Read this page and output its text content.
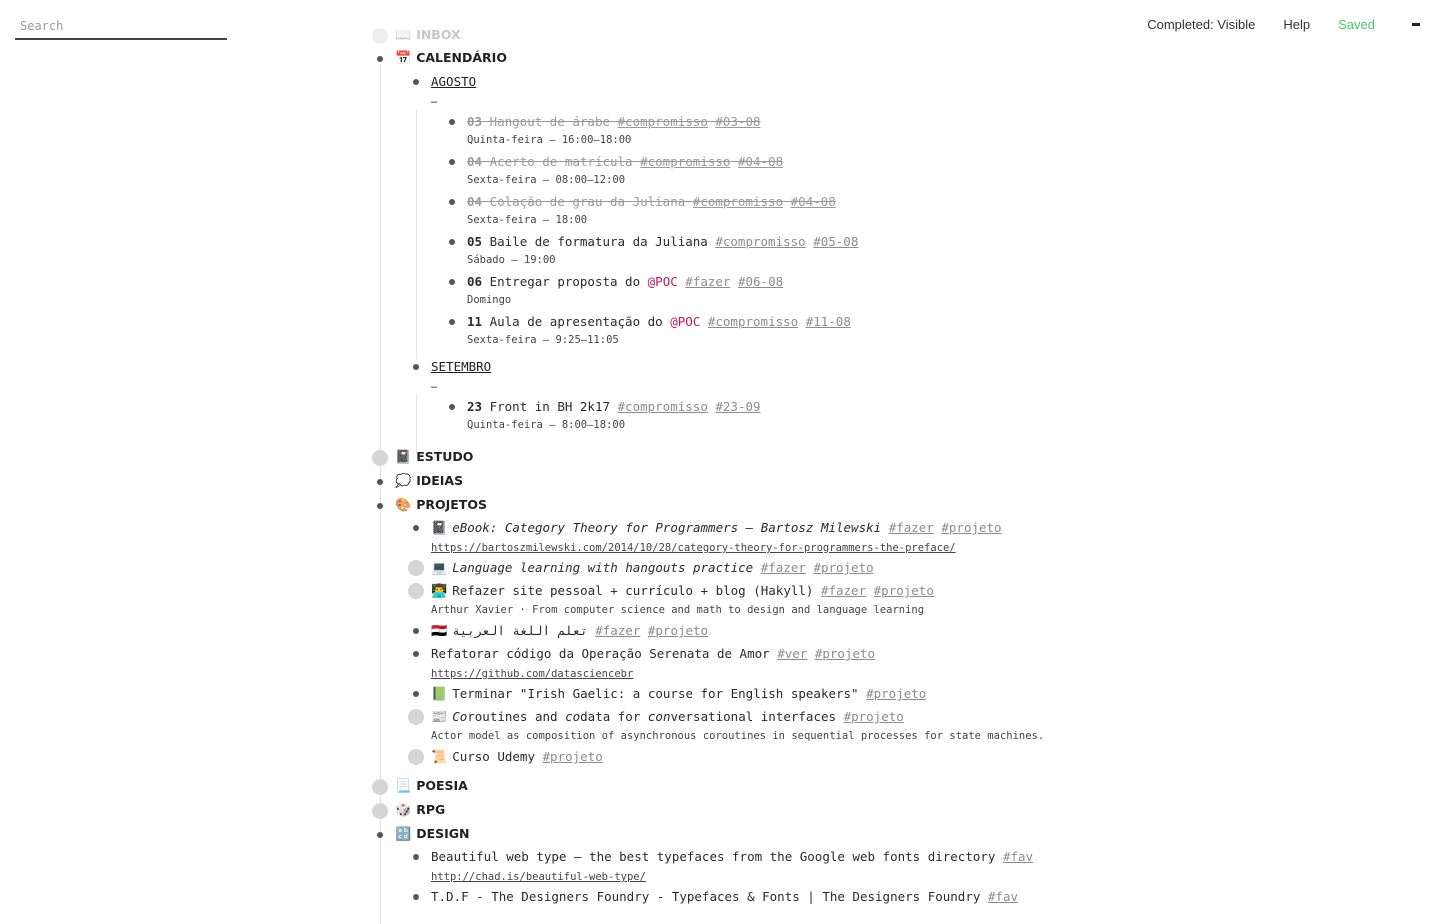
Search
Completed: Visible Help Saved
📖 INBOX
📅 CALENDÁRIO
AGOSTO
…
03 Hangout de árabe #compromisso #03-08
Quinta-feira — 16:00–18:00
04 Acerto de matrícula #compromisso #04-08
Sexta-feira — 08:00–12:00
04 Colação de grau da Juliana #compromisso #04-08
Sexta-feira — 18:00
05 Baile de formatura da Juliana #compromisso #05-08
Sábado — 19:00
06 Entregar proposta do @POC #fazer #06-08
Domingo
11 Aula de apresentação do @POC #compromisso #11-08
Sexta-feira — 9:25–11:05
SETEMBRO
…
23 Front in BH 2k17 #compromisso #23-09
Quinta-feira — 8:00–18:00
📓 ESTUDO
💭 IDEIAS
🎨 PROJETOS
📓 eBook: Category Theory for Programmers — Bartosz Milewski #fazer #projeto
https://bartoszmilewski.com/2014/10/28/category-theory-for-programmers-the-preface/
💻 Language learning with hangouts practice #fazer #projeto
👨‍💻 Refazer site pessoal + currículo + blog (Hakyll) #fazer #projeto
Arthur Xavier · From computer science and math to design and language learning
🇪🇬 تعلم اللغة العربية #fazer #projeto
Refatorar código da Operação Serenata de Amor #ver #projeto
https://github.com/datasciencebr
📗 Terminar "Irish Gaelic: a course for English speakers" #projeto
📰 Coroutines and codata for conversational interfaces #projeto
Actor model as composition of asynchronous coroutines in sequential processes for state machines.
📜 Curso Udemy #projeto
📃 POESIA
🎲 RPG
🔡 DESIGN
Beautiful web type — the best typefaces from the Google web fonts directory #fav
http://chad.is/beautiful-web-type/
T.D.F - The Designers Foundry - Typefaces & Fonts | The Designers Foundry #fav
